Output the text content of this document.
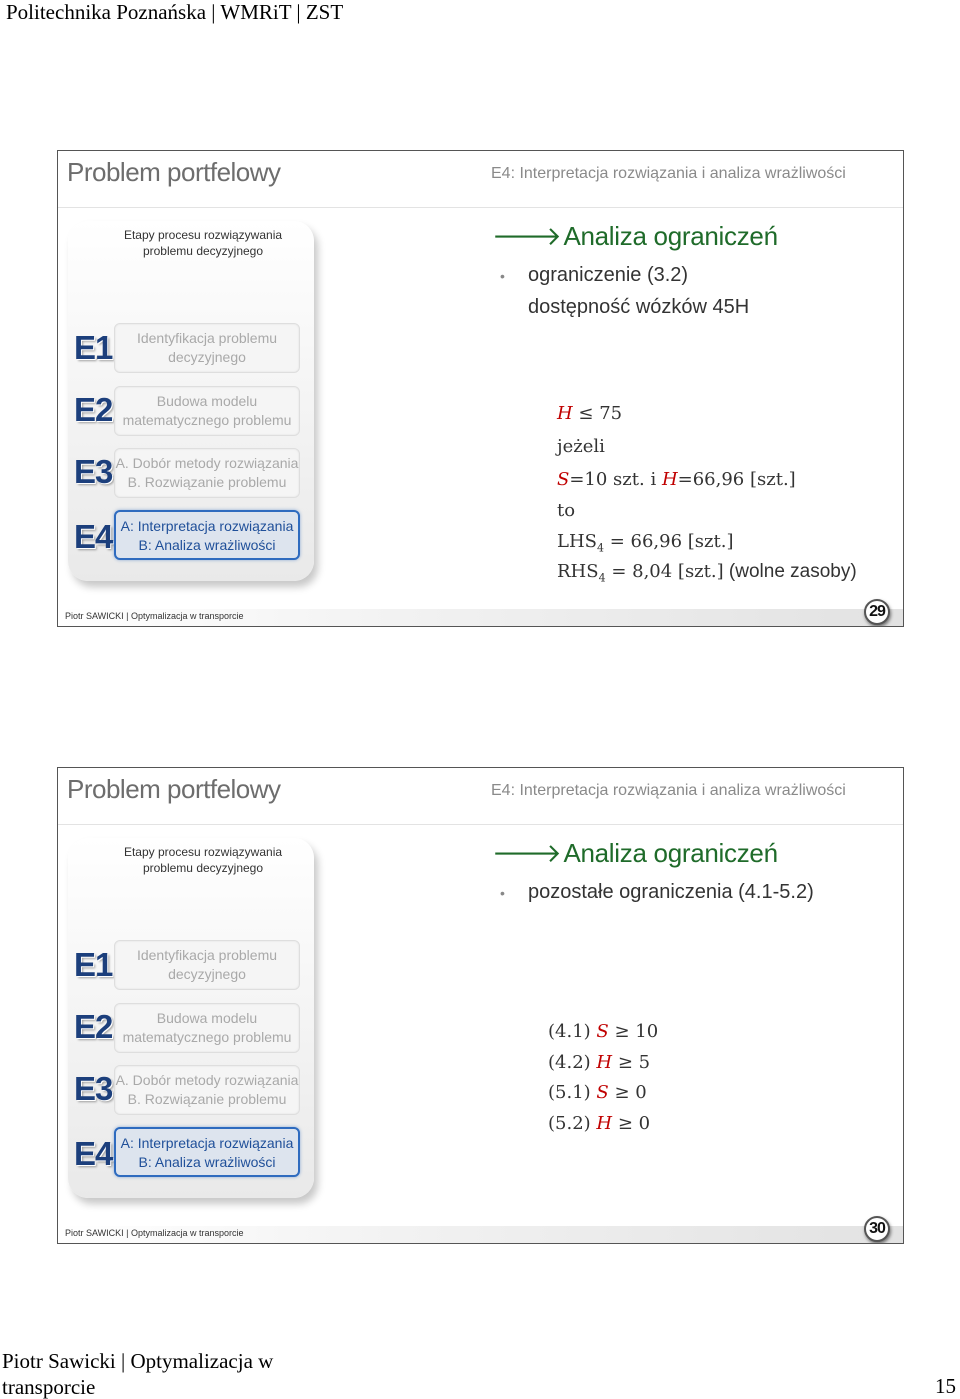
Politechnika Poznańska | WMRiT | ZST
Problem portfelowy	E4: Interpretacja rozwiązania i analiza wrażliwości
Etapy procesu rozwiązywania problemu decyzyjnego
E1	Identyfikacja problemu
decyzyjnego
E2	Budowa modelu
matematycznego problemu
E3 A. Dobór metody rozwiązania
B. Rozwiązanie problemu
E4 A: Interpretacja rozwiązania
B: Analiza wrażliwości
🡒Analiza ograniczeń
• ograniczenie (3.2)
dostępność wózków 45H
H ≤ 75
jeżeli
S=10 szt. i H=66,96 [szt.]
to
$LHS_4 = 66,96$ [szt.]
$RHS_4 = 8,04$ [szt.] (wolne zasoby)
Piotr SAWICKI | Optymalizacja w transporcie	29
Problem portfelowy	E4: Interpretacja rozwiązania i analiza wrażliwości
Etapy procesu rozwiązywania problemu decyzyjnego
E1	Identyfikacja problemu
decyzyjnego
E2	Budowa modelu
matematycznego problemu
E3 A. Dobór metody rozwiązania
B. Rozwiązanie problemu
E4 A: Interpretacja rozwiązania
B: Analiza wrażliwości
🡒Analiza ograniczeń
• pozostałe ograniczenia (4.1-5.2)
(4.1) S ≥ 10
(4.2) H ≥ 5
(5.1) S ≥ 0
(5.2) H ≥ 0
Piotr SAWICKI | Optymalizacja w transporcie	30
Piotr Sawicki | Optymalizacja w transporcie	15
